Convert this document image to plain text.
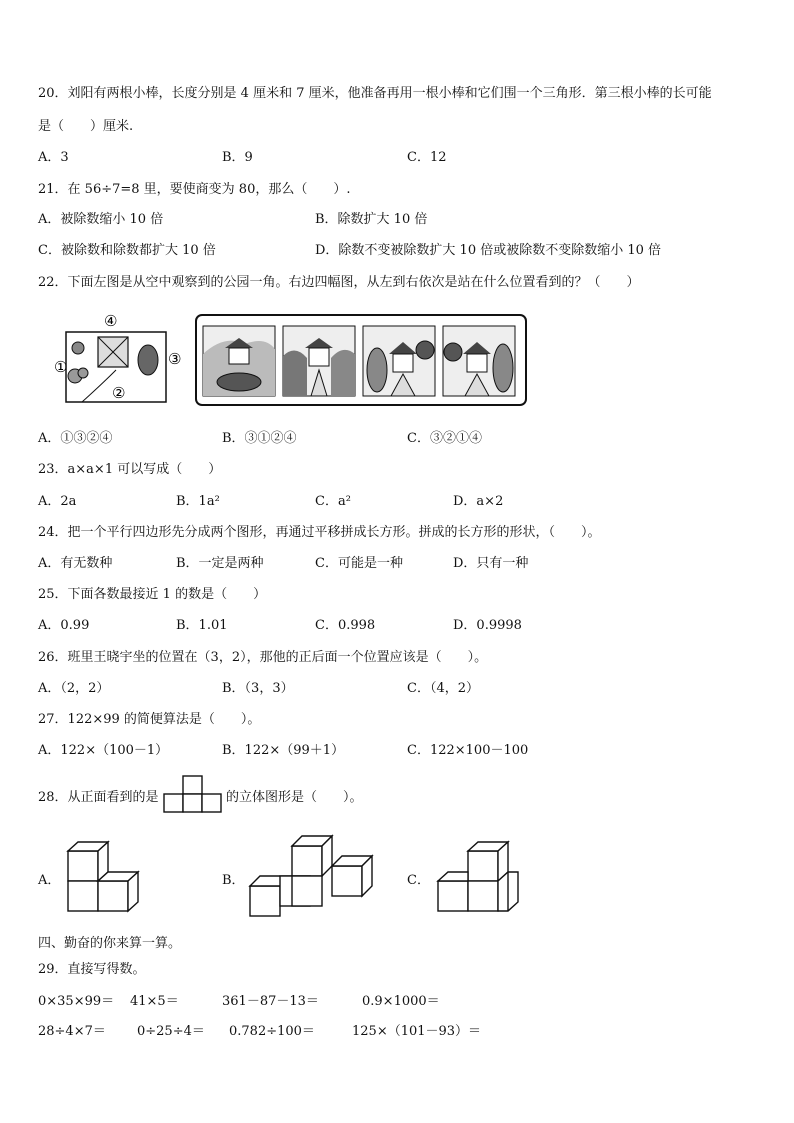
20．刘阳有两根小棒，长度分别是 4 厘米和 7 厘米，他准备再用一根小棒和它们围一个三角形．第三根小棒的长可能
是（　　）厘米.
A．3	B．9	C．12
21．在 56÷7=8 里，要使商变为 80，那么（　　）.
A．被除数缩小 10 倍	B．除数扩大 10 倍
C．被除数和除数都扩大 10 倍	D．除数不变被除数扩大 10 倍或被除数不变除数缩小 10 倍
22．下面左图是从空中观察到的公园一角。右边四幅图，从左到右依次是站在什么位置看到的？（　　）
①
②
③
④
A．①③②④	B．③①②④	C．③②①④
23．a×a×1 可以写成（　　）
A．2a	B．1a²	C．a²	D．a×2
24．把一个平行四边形先分成两个图形，再通过平移拼成长方形。拼成的长方形的形状，（　　）。
A．有无数种	B．一定是两种	C．可能是一种	D．只有一种
25．下面各数最接近 1 的数是（　　）
A．0.99	B．1.01	C．0.998	D．0.9998
26．班里王晓宇坐的位置在（3，2），那他的正后面一个位置应该是（　　）。
A．（2，2）	B．（3，3）	C．（4，2）
27．122×99 的简便算法是（　　）。
A．122×（100－1）	B．122×（99＋1）	C．122×100－100
28．从正面看到的是	的立体图形是（　　）。
A．	B．	C．
四、勤奋的你来算一算。
29．直接写得数。
0×35×99＝ 41×5＝	361－87－13＝	0.9×1000＝
28÷4×7＝ 0÷25÷4＝ 0.782÷100＝	125×（101－93）＝
